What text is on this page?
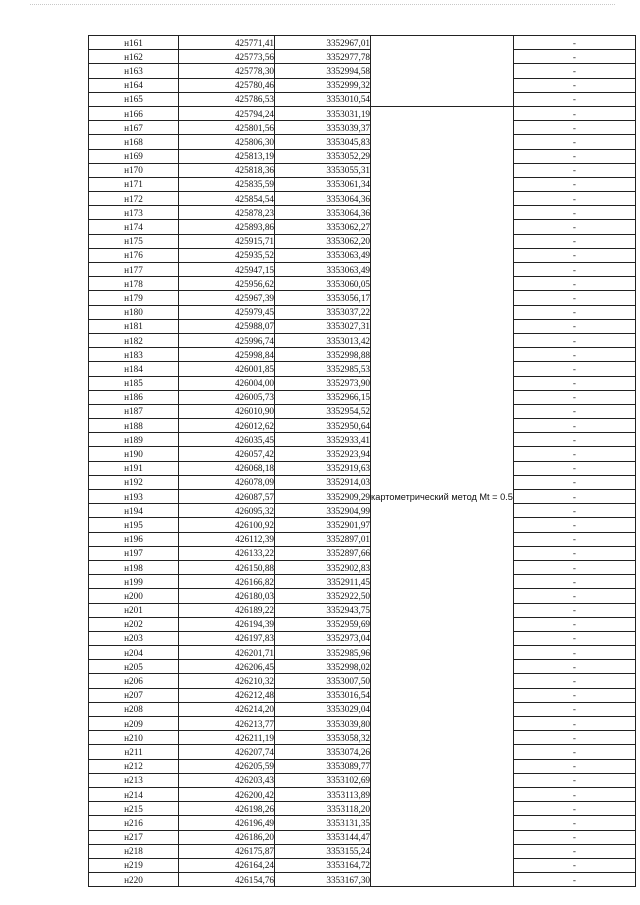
н161	425771,41	3352967,01		-
н162	425773,56	3352977,78		-
н163	425778,30	3352994,58		-
н164	425780,46	3352999,32		-
н165	425786,53	3353010,54		-
н166	425794,24	3353031,19	картометрический метод Mt = 0.5	-
н167	425801,56	3353039,37		-
н168	425806,30	3353045,83		-
н169	425813,19	3353052,29		-
н170	425818,36	3353055,31		-
н171	425835,59	3353061,34		-
н172	425854,54	3353064,36		-
н173	425878,23	3353064,36		-
н174	425893,86	3353062,27		-
н175	425915,71	3353062,20		-
н176	425935,52	3353063,49		-
н177	425947,15	3353063,49		-
н178	425956,62	3353060,05		-
н179	425967,39	3353056,17		-
н180	425979,45	3353037,22		-
н181	425988,07	3353027,31		-
н182	425996,74	3353013,42		-
н183	425998,84	3352998,88		-
н184	426001,85	3352985,53		-
н185	426004,00	3352973,90		-
н186	426005,73	3352966,15		-
н187	426010,90	3352954,52		-
н188	426012,62	3352950,64		-
н189	426035,45	3352933,41		-
н190	426057,42	3352923,94		-
н191	426068,18	3352919,63		-
н192	426078,09	3352914,03		-
н193	426087,57	3352909,29		-
н194	426095,32	3352904,99		-
н195	426100,92	3352901,97		-
н196	426112,39	3352897,01		-
н197	426133,22	3352897,66		-
н198	426150,88	3352902,83		-
н199	426166,82	3352911,45		-
н200	426180,03	3352922,50		-
н201	426189,22	3352943,75		-
н202	426194,39	3352959,69		-
н203	426197,83	3352973,04		-
н204	426201,71	3352985,96		-
н205	426206,45	3352998,02		-
н206	426210,32	3353007,50		-
н207	426212,48	3353016,54		-
н208	426214,20	3353029,04		-
н209	426213,77	3353039,80		-
н210	426211,19	3353058,32		-
н211	426207,74	3353074,26		-
н212	426205,59	3353089,77		-
н213	426203,43	3353102,69		-
н214	426200,42	3353113,89		-
н215	426198,26	3353118,20		-
н216	426196,49	3353131,35		-
н217	426186,20	3353144,47		-
н218	426175,87	3353155,24		-
н219	426164,24	3353164,72		-
н220	426154,76	3353167,30		-
